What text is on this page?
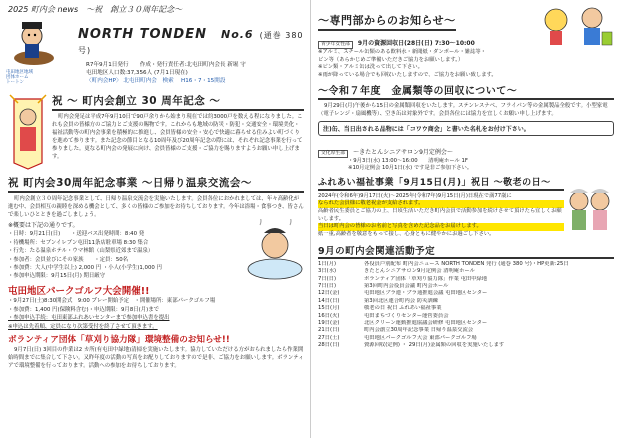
2025 町内会 news　～祝　創立３０周年記念～
屯田地区地域
団体ホーム
トートン
NORTH TONDEN No.6 (通巻 380 号)
R7年9月1日発行　　作成・発行責任者:北屯田町内会長 新堀 守
屯田地区人口数:37,356人 (7月1日現在)
〈町内会HP〉 北屯田町内会　検索 　H16・7・15開設
祝 ～ 町内会創立 30 周年記念 ～

町内会発足は平成7年9月10日で90戸余りから始まり現在では約3000戸を数える程になりました。これも会員の皆様方のご協力とご支援の賜物です。これからも地域の防災・防犯・交通安全・環境美化・福祉活動等の町内会事業を積極的に推進し、会員皆様の安全・安心で快適に暮らせる住みよい町づくりを進めて参ります。また記念の節目となる10周年及び20周年記念の際には、それぞれ記念事業を行って参りました。更なる町内会の発展に向け、会員皆様のご支援・ご協力を賜りますようお願い申し上げます。

祝 町内会30周年記念事業 ～日帰り温泉交流会～

町内会創立３０周年記念事業として、日帰り温泉交流会を実施いたします。会員各位におかれましては、年々高齢化が進む中、会員相互の親睦を深める機会として、多くの皆様のご参加をお待ちしております。今年は浴場・食事つき、皆さんで楽しいひとときを過ごしましょう。

※概要は下記の通りです。
・日時：9月21日(日)　　・送迎バス出発時間：8:40 発
・待機場所：セブンイレブン屯田11条店駐車場 8:30 集合
・行先：たる温泉ホテル・ウマ林館（山梨県近郊まで温泉）
・参加者：会員並びにその家族　　・定員：50名
・参加費：大人(中学生以上) 2,000 円 ・小人(小学生)1,000 円
・参加申込期限：9月15日(月) 期日厳守
屯田地区パークゴルフ大会開催!!
・9月27日(土)8:30開会式　9:00 プレー開始予定　・開催場所：東部パークゴルフ場
・参加費：1,400 円(保険料含む)・申込期限：9月8日(月)まで
・参加申込手続：屯田東部ふれあいセンターまで参加申込書を提出
※申込は先着順、定員になり次第受付を終了させて頂きます。
ボランティア団体「草刈り協力隊」環境整備のお知らせ!!

9月7日(日) 3回目の作業は2 カ所(有屯田中緑地)清掃を実施いたします。協力していただける方がおられましたら作業開始時間までに集合して下さい。又昨年度の活動の写真をお配りしておりますので是非、ご協力をお願いします。ボランティアで環境整備を行っております。活動への参加をお待ちしております。

～専門部からのお知らせ～
青少年女性部 9月の資源回収日(28日(日) 7:30～10:00
※アルミ、スチール缶類のある飲料水・新聞紙・ダンボール・雑誌等・
ビン等（あらかじめご準備いただきご協力をお願いします。）
※ビン類・アルミ缶は洗って出して下さい。
※雨が降っている場合でも回収いたしますので、ご協力をお願い致します。
～令和７年度　金属類等の回収について～

9月29日(月)午後から15日の金属類回収をいたします。ステンレスナベ、フライパン等の金属製品全般です。小型家電（電子レンジ・扇風機等）、空き缶は対象外です。会員各位には協力を宜しくお願い申し上げます。

注)缶、当日出される品物には「コワウ商会」と書いた名札をお付け下さい。
文化厚生部 ～きたとんシニアサロン9月定例会～
・9月3日(水) 13:00～16:00　　清明庵ホール 1F
※10月定例会 10月1日(水) です是非ご参加下さい。
ふれあい福祉事業「9月15日(月)」祝日 ～敬老の日～
2024年(令和6年)9月17日(火)～2025年(令和7年)9月15日(月)日現在で満77歳に
なられた会員様に敬老祝金が支給されます。
高齢者民生委員とご協力の上、日頃生活いただき町内会員で活動参加を続けさせて頂けたら宜しくお願いします。
当日は町内会の皆様のお名前と写真を含めた記念品をお届けします。
紙一重,高齢者を敬意をもって接し、心身ともに健やかにお過ごし下さい。
9月の町内会関連活動予定
1日(月)	各役員戸別配布 町内会ニュース NORTH TONDEN 発行 (通巻 380 号)・HP更新:25日
3日(水)	きたとんシニアサロン9月定例会 清明庵ホール
7日(日)	ボランティア団体「草刈り協力隊」作業 屯田中緑地
7日(日)	第3回町内会役員会議 町内会ホール
12日(金)	屯田地区ブラ連・ブラ通推進会議 屯田地区センター
14日(日)	第3回北区連合町内会 防災訓練
15日(月)	敬老の日 祝日 ふれあい福祉事業
16日(火)	屯田まちづくりセンター運営委員会
19日(金)	北区クリーン運動推進協議会研修 屯田地区センター
21日(日)	町内会創立30周年記念事業 日帰り温泉交流会
27日(土)	屯田地区パークゴルフ大会 東部パークゴルフ場
28日(日)	資源回収(定例) ・ 29日(月)金属類の回収を実施いたします
